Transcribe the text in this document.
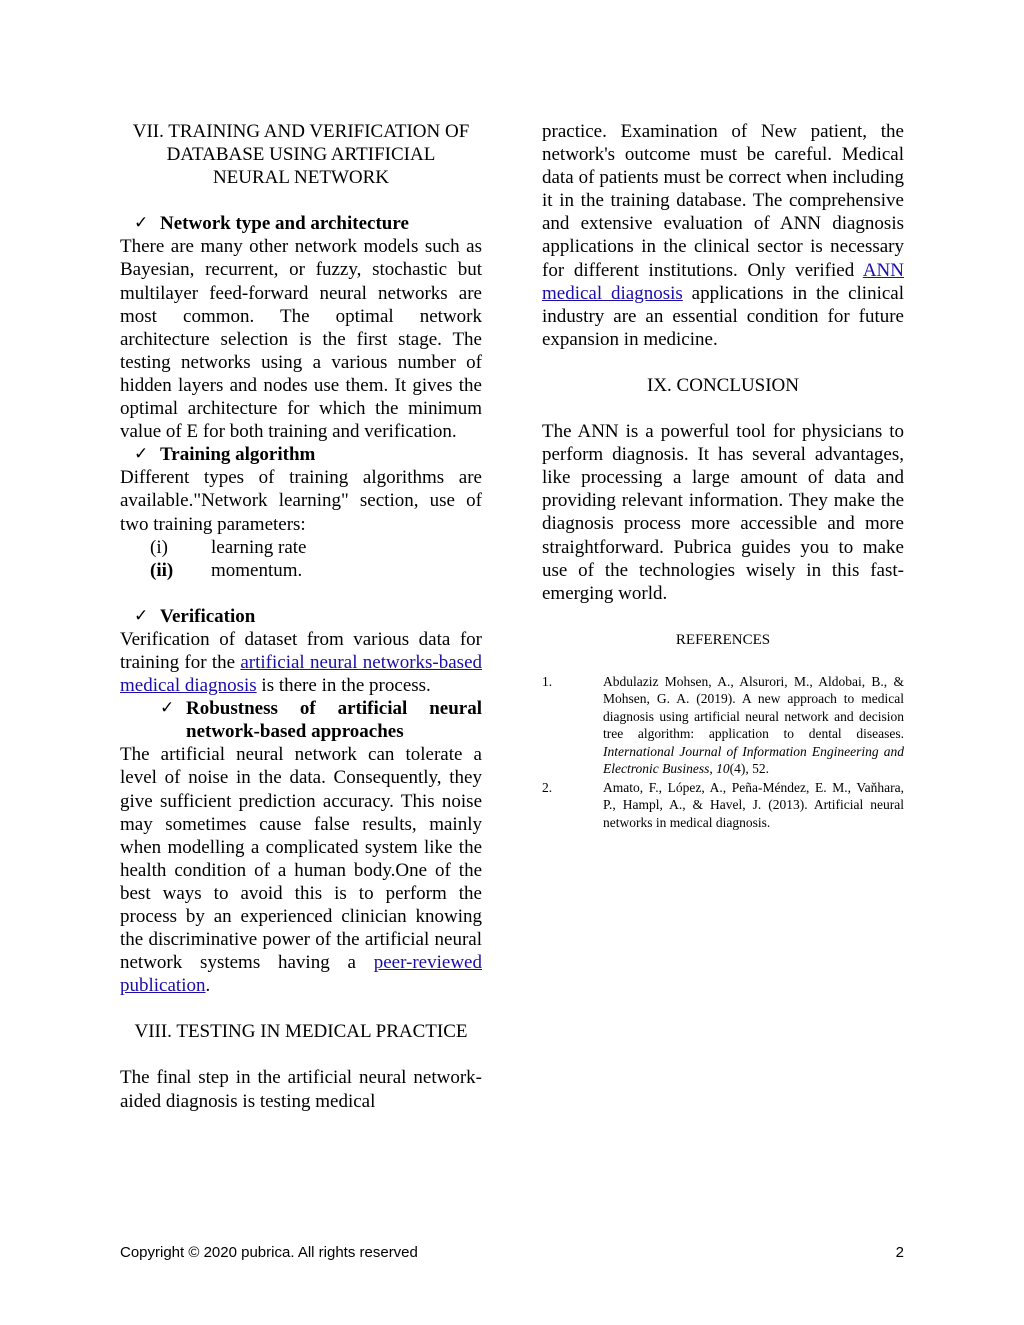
VII. TRAINING AND VERIFICATION OF DATABASE USING ARTIFICIAL NEURAL NETWORK

✓ Network type and architecture

There are many other network models such as Bayesian, recurrent, or fuzzy, stochastic but multilayer feed-forward neural networks are most common. The optimal network architecture selection is the first stage. The testing networks using a various number of hidden layers and nodes use them. It gives the optimal architecture for which the minimum value of E for both training and verification.

✓ Training algorithm

Different types of training algorithms are available."Network learning" section, use of two training parameters:

(i) learning rate

(ii) momentum.

✓ Verification

Verification of dataset from various data for training for the artificial neural networks-based medical diagnosis is there in the process.

✓ Robustness of artificial neural network-based approaches

The artificial neural network can tolerate a level of noise in the data. Consequently, they give sufficient prediction accuracy. This noise may sometimes cause false results, mainly when modelling a complicated system like the health condition of a human body.One of the best ways to avoid this is to perform the process by an experienced clinician knowing the discriminative power of the artificial neural network systems having a peer-reviewed publication.

VIII. TESTING IN MEDICAL PRACTICE

The final step in the artificial neural network-aided diagnosis is testing medical

practice. Examination of New patient, the network's outcome must be careful. Medical data of patients must be correct when including it in the training database. The comprehensive and extensive evaluation of ANN diagnosis applications in the clinical sector is necessary for different institutions. Only verified ANN medical diagnosis applications in the clinical industry are an essential condition for future expansion in medicine.

IX. CONCLUSION

The ANN is a powerful tool for physicians to perform diagnosis. It has several advantages, like processing a large amount of data and providing relevant information. They make the diagnosis process more accessible and more straightforward. Pubrica guides you to make use of the technologies wisely in this fast-emerging world.

REFERENCES

1.	Abdulaziz Mohsen, A., Alsurori, M., Aldobai, B., & Mohsen, G. A. (2019). A new approach to medical diagnosis using artificial neural network and decision tree algorithm: application to dental diseases. International Journal of Information Engineering and Electronic Business, 10(4), 52.

2.	Amato, F., López, A., Peña-Méndez, E. M., Vaňhara, P., Hampl, A., & Havel, J. (2013). Artificial neural networks in medical diagnosis.

Copyright © 2020 pubrica. All rights reserved	2
